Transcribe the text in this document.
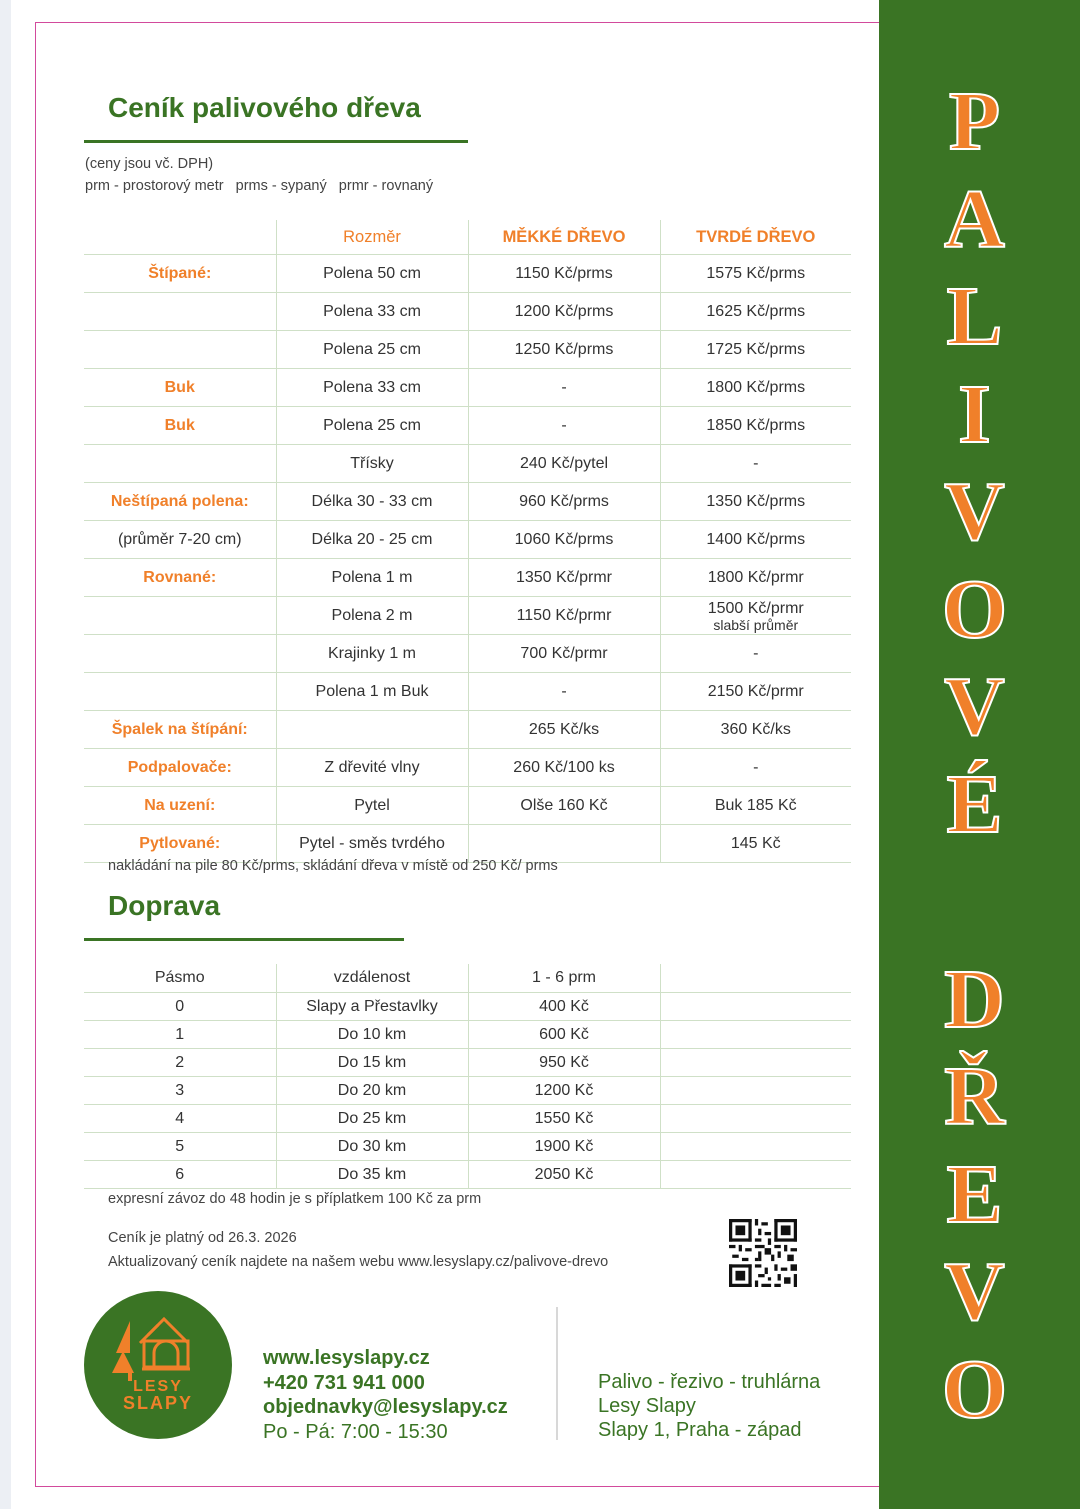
P
A
L
I
V
O
V
É
D
Ř
E
V
O
Ceník palivového dřeva
(ceny jsou vč. DPH)
prm - prostorový metr   prms - sypaný   prmr - rovnaný
	Rozměr	MĚKKÉ DŘEVO	TVRDÉ DŘEVO
Štípané:	Polena 50 cm	1150 Kč/prms	1575 Kč/prms
	Polena 33 cm	1200 Kč/prms	1625 Kč/prms
	Polena 25 cm	1250 Kč/prms	1725 Kč/prms
Buk	Polena 33 cm	-	1800 Kč/prms
Buk	Polena 25 cm	-	1850 Kč/prms
	Třísky	240 Kč/pytel	-
Neštípaná polena:	Délka 30 - 33 cm	960 Kč/prms	1350 Kč/prms
(průměr 7-20 cm)	Délka 20 - 25 cm	1060 Kč/prms	1400 Kč/prms
Rovnané:	Polena 1 m	1350 Kč/prmr	1800 Kč/prmr
	Polena 2 m	1150 Kč/prmr	1500 Kč/prmr
slabší průměr

	Krajinky 1 m	700 Kč/prmr	-
	Polena 1 m Buk	-	2150 Kč/prmr
Špalek na štípání:		265 Kč/ks	360 Kč/ks
Podpalovače:	Z dřevité vlny	260 Kč/100 ks	-
Na uzení:	Pytel	Olše 160 Kč	Buk 185 Kč
Pytlované:	Pytel - směs tvrdého		145 Kč
nakládání na pile 80 Kč/prms, skládání dřeva v místě od 250 Kč/ prms
Doprava
Pásmo	vzdálenost	1 - 6 prm	
0	Slapy a Přestavlky	400 Kč	
1	Do 10 km	600 Kč	
2	Do 15 km	950 Kč	
3	Do 20 km	1200 Kč	
4	Do 25 km	1550 Kč	
5	Do 30 km	1900 Kč	
6	Do 35 km	2050 Kč	
expresní závoz do 48 hodin je s příplatkem 100 Kč za prm
Ceník je platný od 26.3. 2026
Aktualizovaný ceník najdete na našem webu www.lesyslapy.cz/palivove-drevo
LESY
SLAPY
www.lesyslapy.cz
+420 731 941 000
objednavky@lesyslapy.cz
Po - Pá: 7:00 - 15:30
Palivo - řezivo - truhlárna
Lesy Slapy
Slapy 1, Praha - západ
